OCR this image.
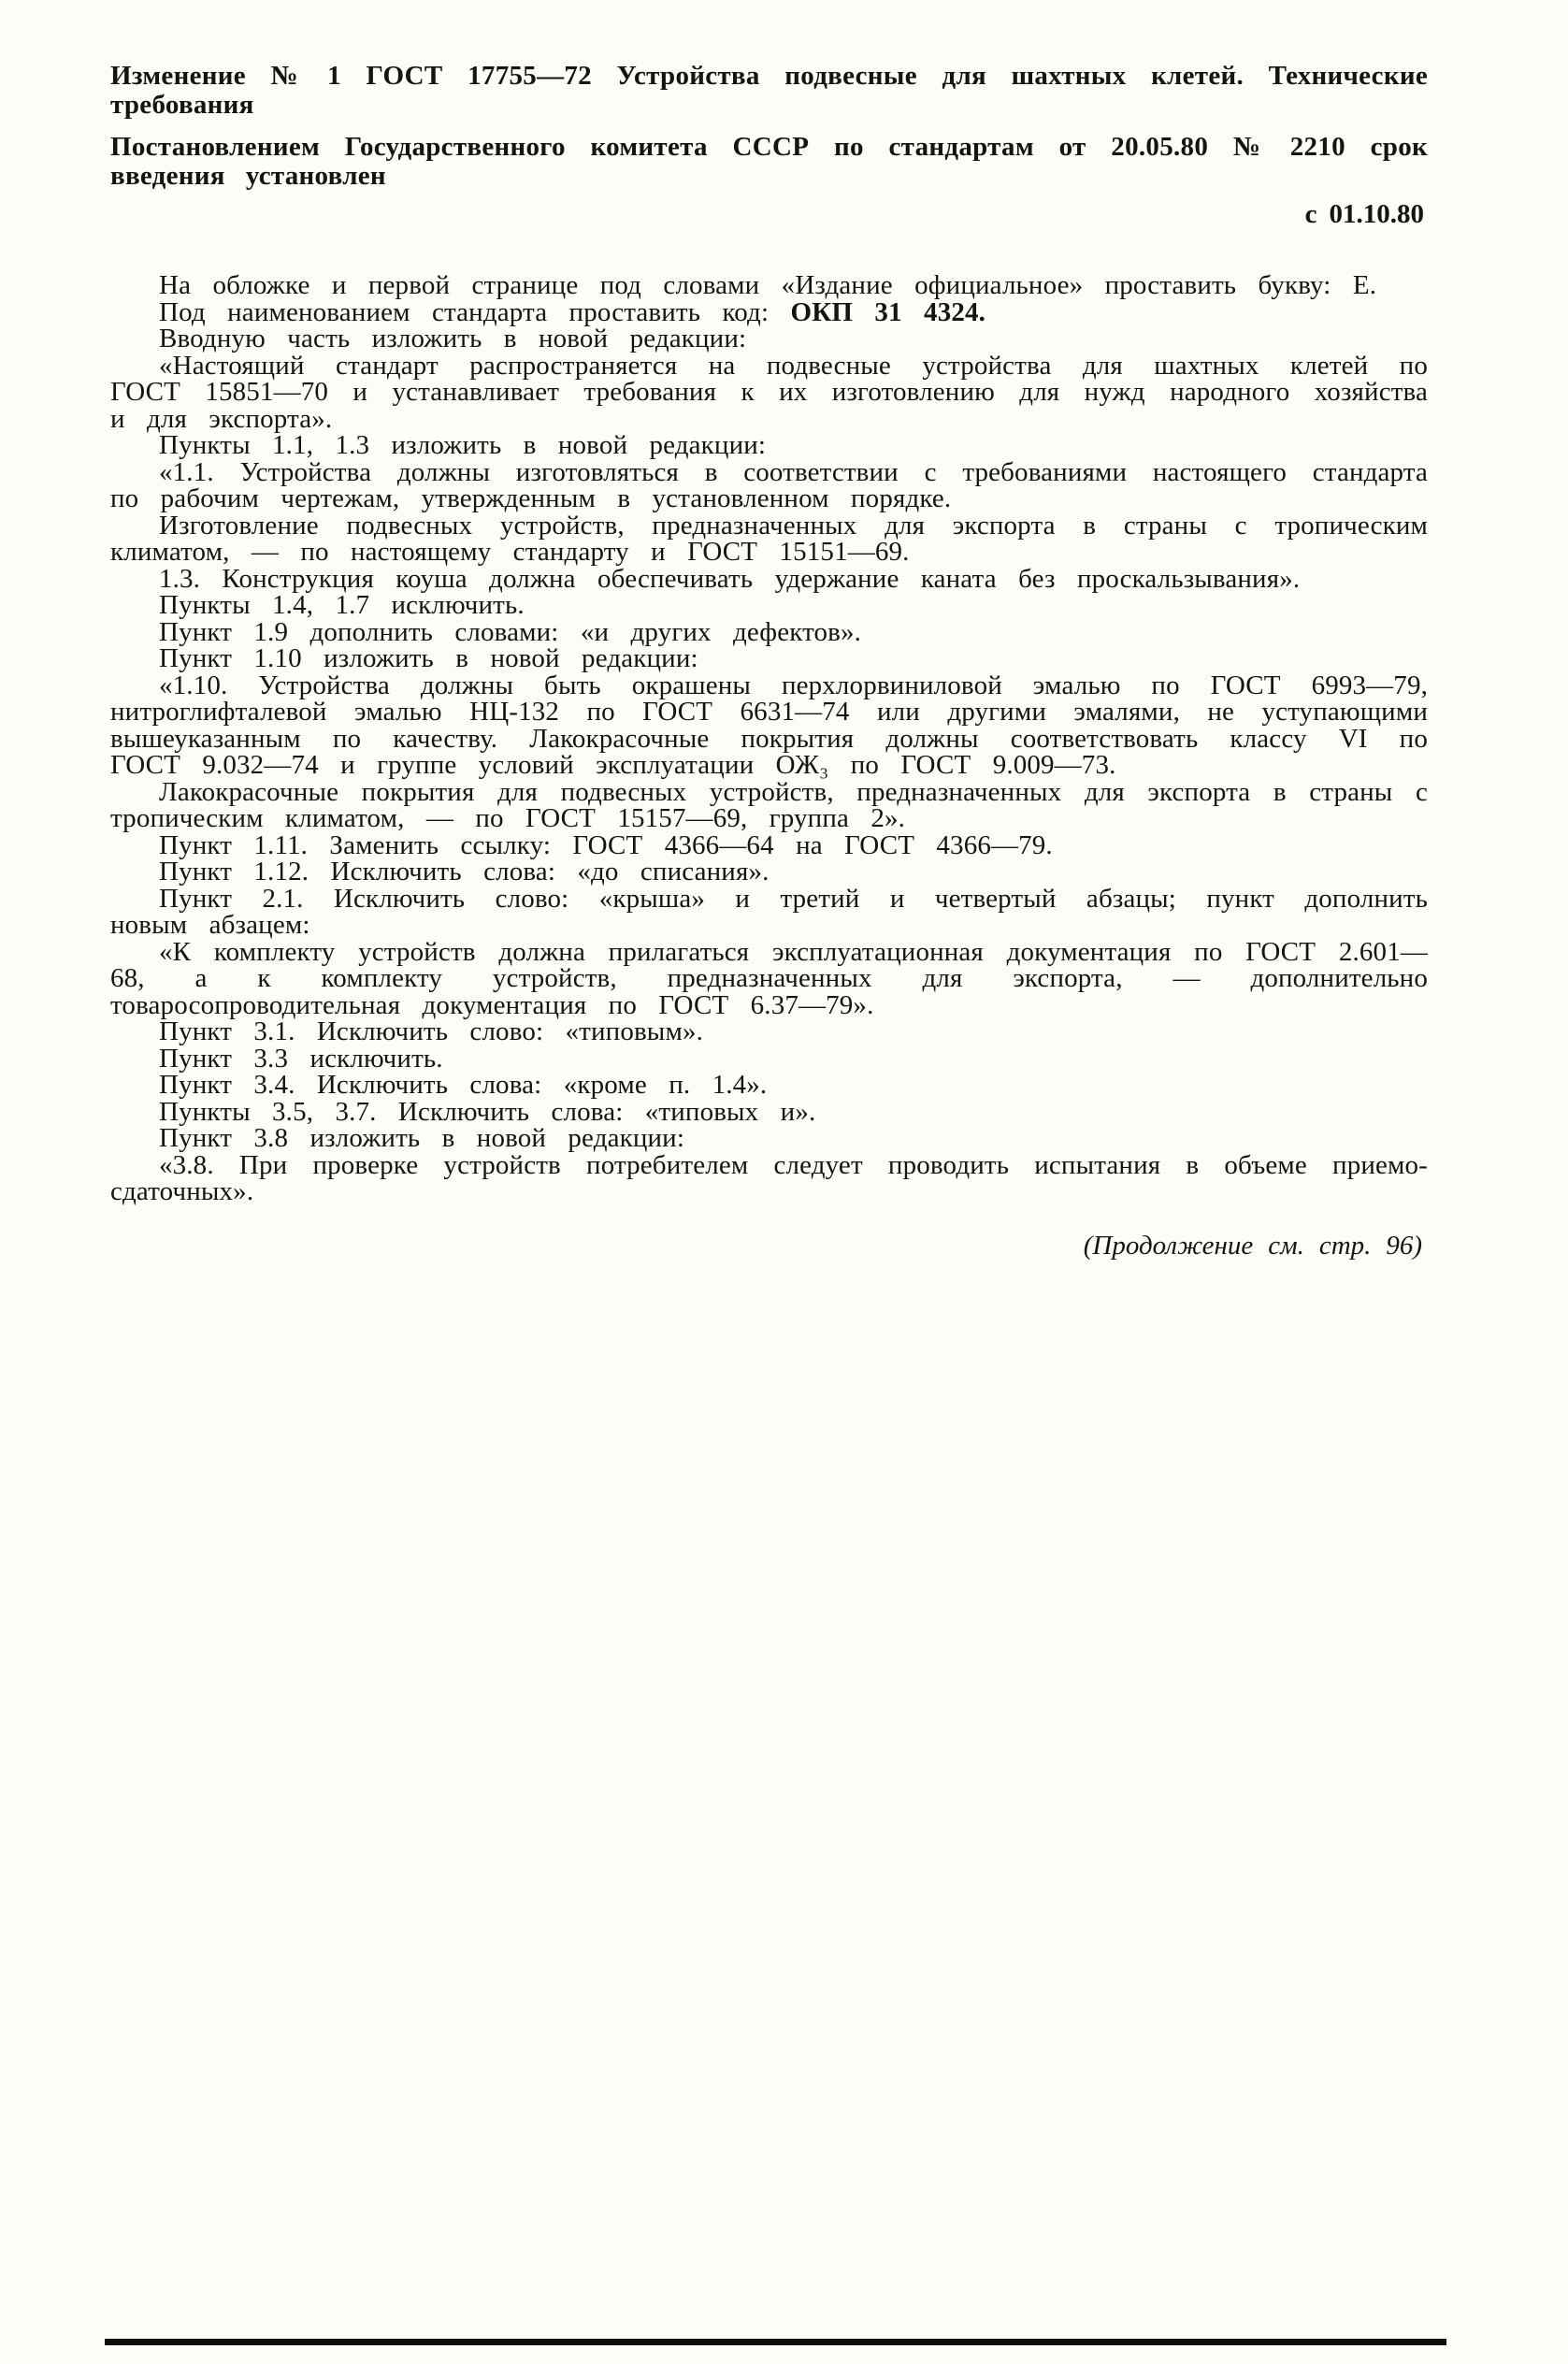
Изменение № 1 ГОСТ 17755—72 Устройства подвесные для шахтных клетей. Технические требования

Постановлением Государственного комитета СССР по стандартам от 20.05.80 № 2210 срок введения установлен

с 01.10.80

На обложке и первой странице под словами «Издание официальное» проставить букву: Е.

Под наименованием стандарта проставить код: ОКП 31 4324.

Вводную часть изложить в новой редакции:

«Настоящий стандарт распространяется на подвесные устройства для шахтных клетей по ГОСТ 15851—70 и устанавливает требования к их изготовлению для нужд народного хозяйства и для экспорта».

Пункты 1.1, 1.3 изложить в новой редакции:

«1.1. Устройства должны изготовляться в соответствии с требованиями настоящего стандарта по рабочим чертежам, утвержденным в установленном порядке.

Изготовление подвесных устройств, предназначенных для экспорта в страны с тропическим климатом, — по настоящему стандарту и ГОСТ 15151—69.

1.3. Конструкция коуша должна обеспечивать удержание каната без проскальзывания».

Пункты 1.4, 1.7 исключить.

Пункт 1.9 дополнить словами: «и других дефектов».

Пункт 1.10 изложить в новой редакции:

«1.10. Устройства должны быть окрашены перхлорвиниловой эмалью по ГОСТ 6993—79, нитроглифталевой эмалью НЦ-132 по ГОСТ 6631—74 или другими эмалями, не уступающими вышеуказанным по качеству. Лакокрасочные покрытия должны соответствовать классу VI по ГОСТ 9.032—74 и группе условий эксплуатации ОЖ₃ по ГОСТ 9.009—73.

Лакокрасочные покрытия для подвесных устройств, предназначенных для экспорта в страны с тропическим климатом, — по ГОСТ 15157—69, группа 2».

Пункт 1.11. Заменить ссылку: ГОСТ 4366—64 на ГОСТ 4366—79.

Пункт 1.12. Исключить слова: «до списания».

Пункт 2.1. Исключить слово: «крыша» и третий и четвертый абзацы; пункт дополнить новым абзацем:

«К комплекту устройств должна прилагаться эксплуатационная документация по ГОСТ 2.601—68, а к комплекту устройств, предназначенных для экспорта, — дополнительно товаросопроводительная документация по ГОСТ 6.37—79».

Пункт 3.1. Исключить слово: «типовым».

Пункт 3.3 исключить.

Пункт 3.4. Исключить слова: «кроме п. 1.4».

Пункты 3.5, 3.7. Исключить слова: «типовых и».

Пункт 3.8 изложить в новой редакции:

«3.8. При проверке устройств потребителем следует проводить испытания в объеме приемо-сдаточных».

(Продолжение см. стр. 96)
